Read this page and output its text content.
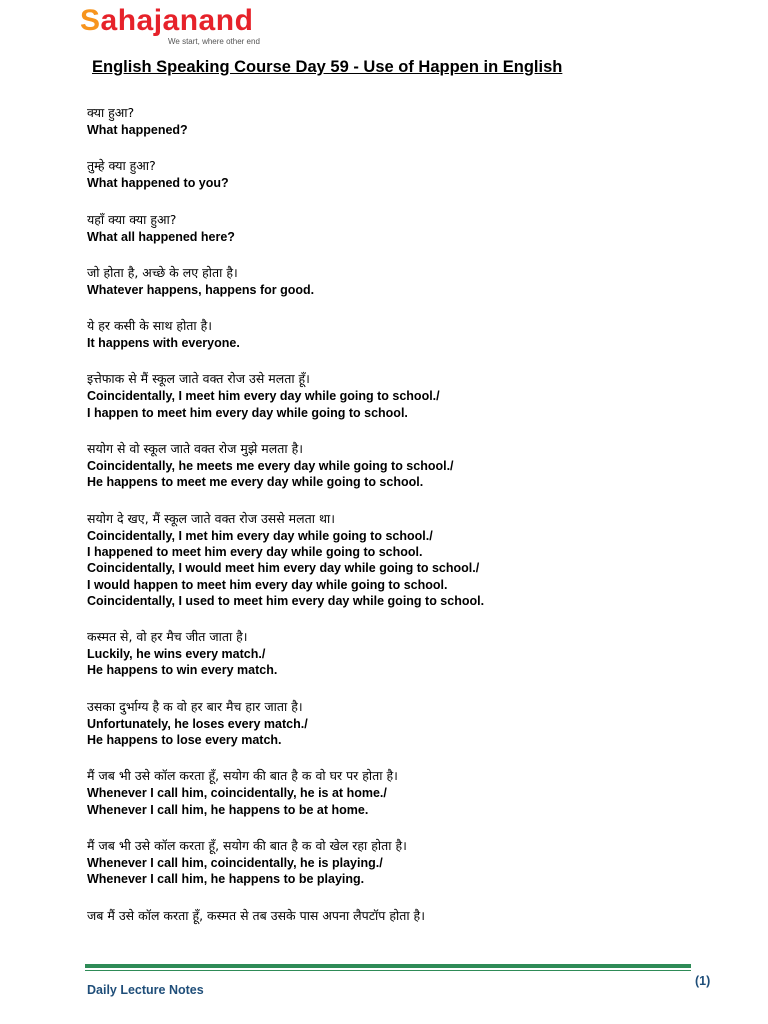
Sahajanand
We start, where other end
English Speaking Course Day 59 - Use of Happen in English
क्या हुआ?
What happened?
तुम्हे क्या हुआ?
What happened to you?
यहाँ क्या क्या हुआ?
What all happened here?
जो होता है, अच्छे के लए होता है।
Whatever happens, happens for good.
ये हर कसी के साथ होता है।
It happens with everyone.
इत्तेफाक से मैं स्कूल जाते वक्त रोज उसे मलता हूँ।
Coincidentally, I meet him every day while going to school./
I happen to meet him every day while going to school.
सयोग से वो स्कूल जाते वक्त रोज मुझे मलता है।
Coincidentally, he meets me every day while going to school./
He happens to meet me every day while going to school.
सयोग दे खए, मैं स्कूल जाते वक्त रोज उससे मलता था।
Coincidentally, I met him every day while going to school./
I happened to meet him every day while going to school.
Coincidentally, I would meet him every day while going to school./
I would happen to meet him every day while going to school.
Coincidentally, I used to meet him every day while going to school.
कस्मत से, वो हर मैच जीत जाता है।
Luckily, he wins every match./
He happens to win every match.
उसका दुर्भाग्य है क वो हर बार मैच हार जाता है।
Unfortunately, he loses every match./
He happens to lose every match.
मैं जब भी उसे कॉल करता हूँ, सयोग की बात है क वो घर पर होता है।
Whenever I call him, coincidentally, he is at home./
Whenever I call him, he happens to be at home.
मैं जब भी उसे कॉल करता हूँ, सयोग की बात है क वो खेल रहा होता है।
Whenever I call him, coincidentally, he is playing./
Whenever I call him, he happens to be playing.
जब मैं उसे कॉल करता हूँ, कस्मत से तब उसके पास अपना लैपटॉप होता है।
Daily Lecture Notes
(1)
